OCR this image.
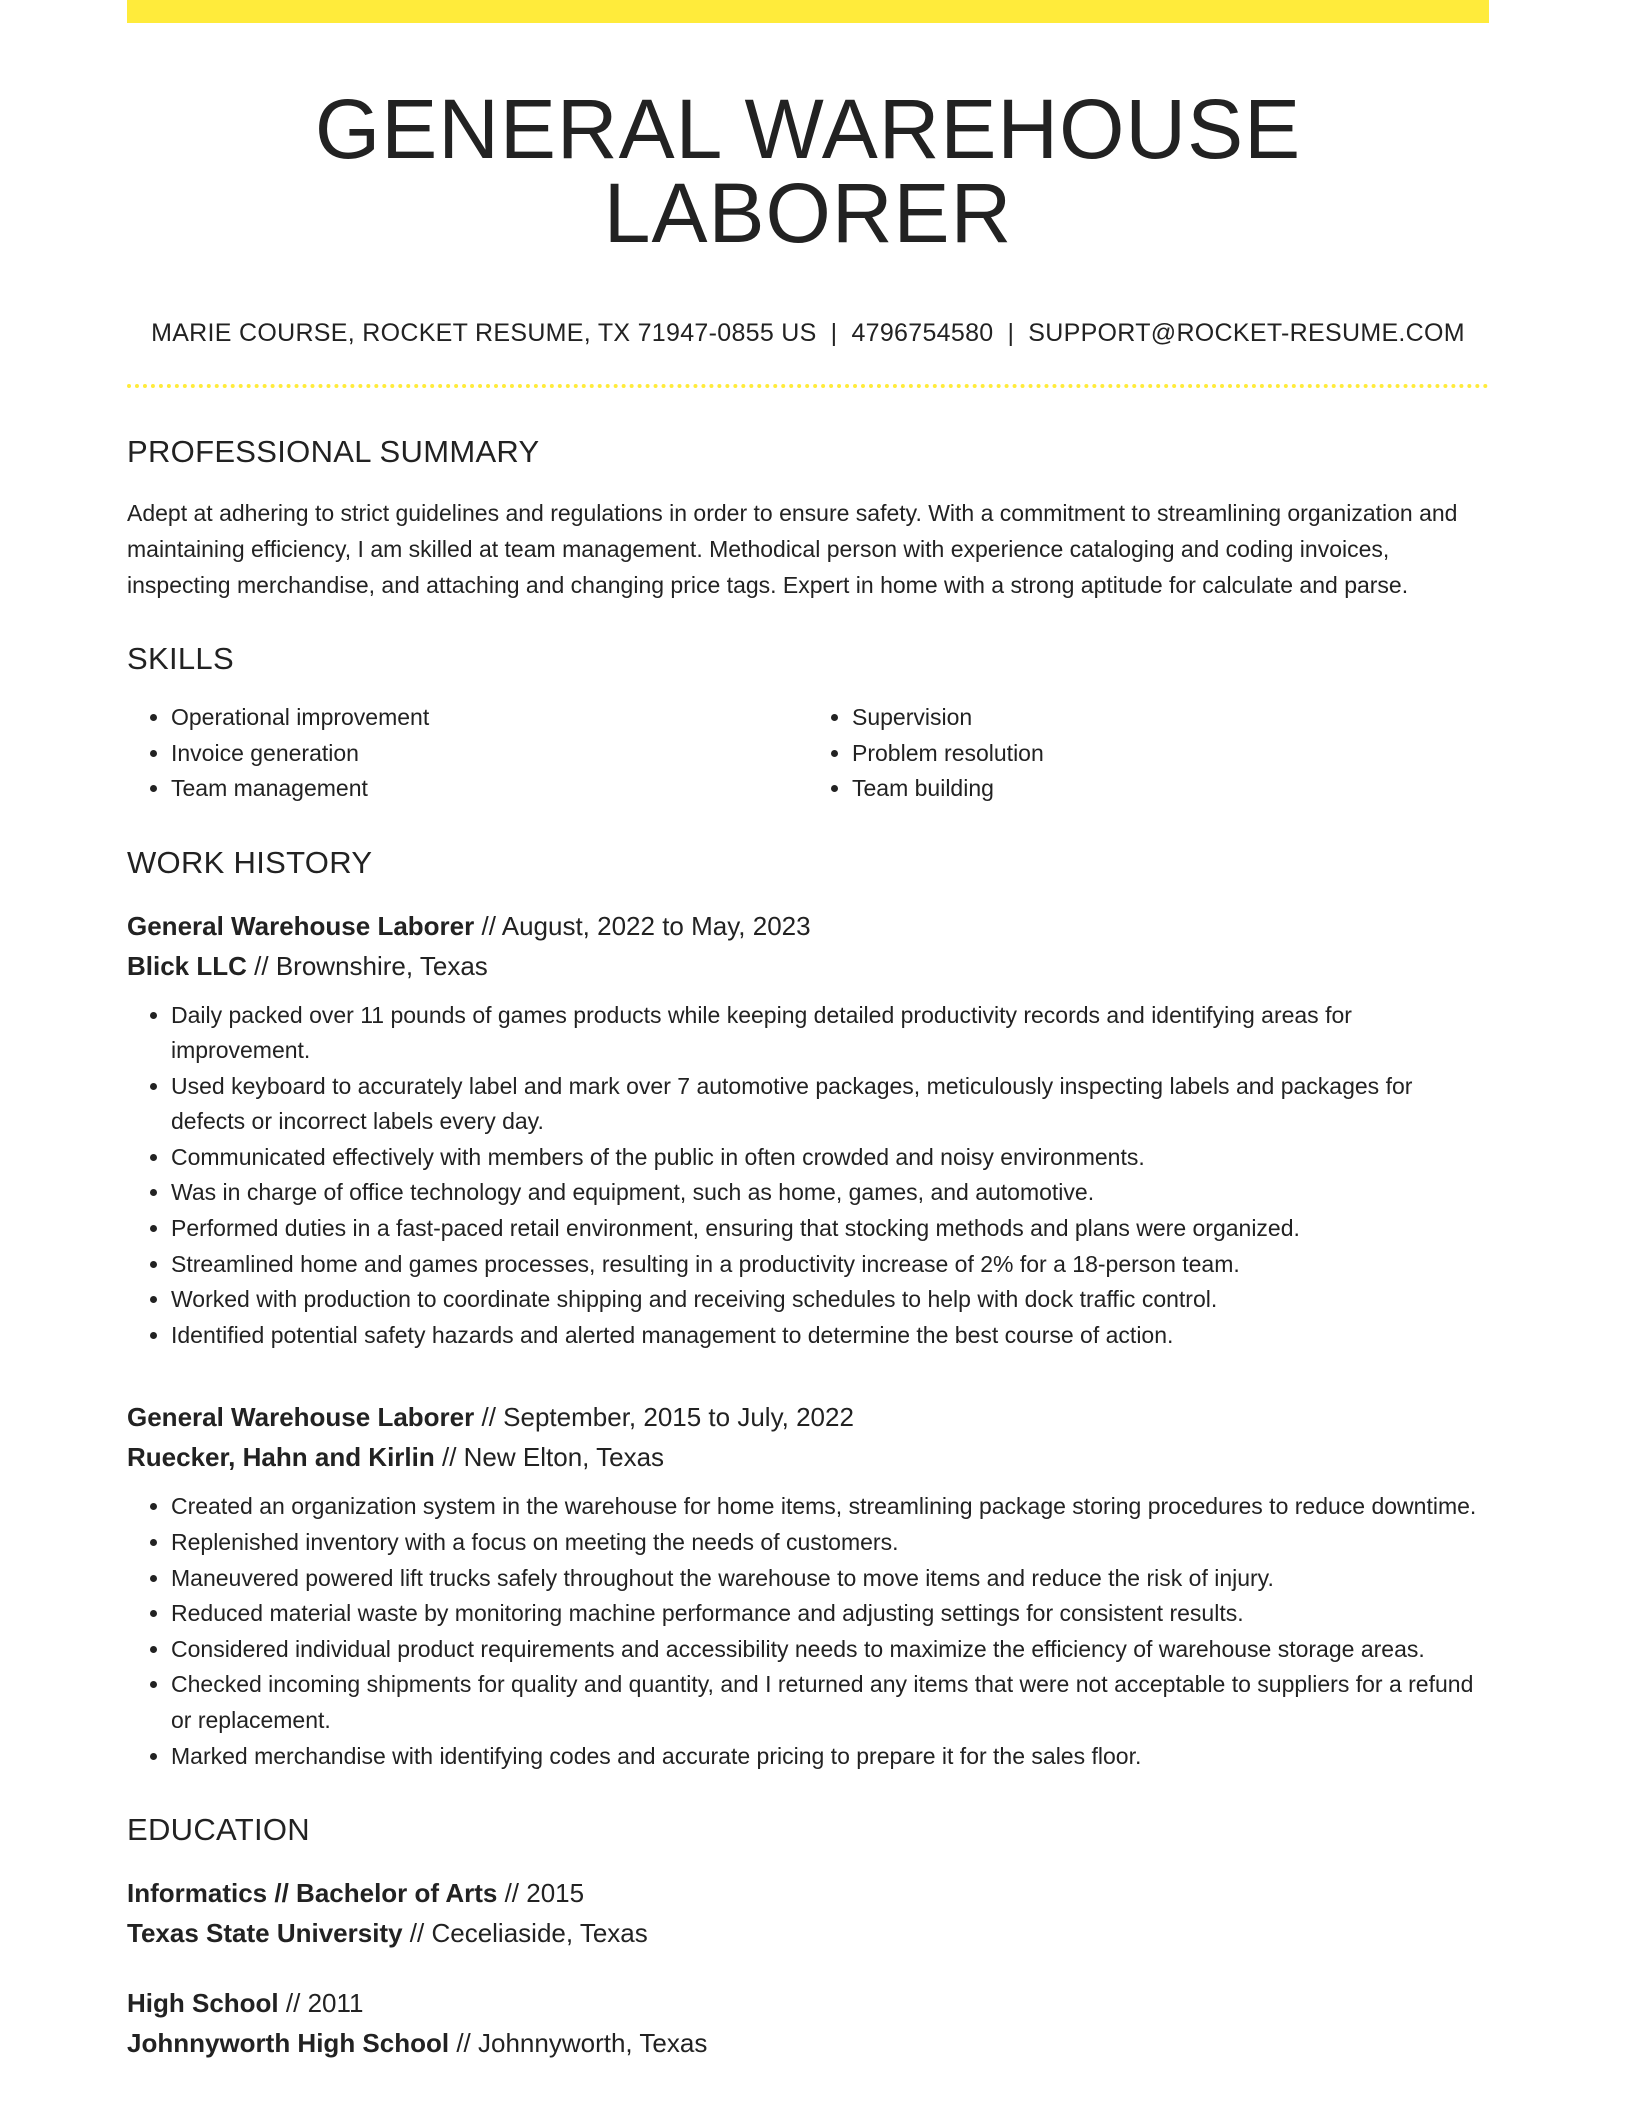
GENERAL WAREHOUSE LABORER
MARIE COURSE, ROCKET RESUME, TX 71947-0855 US | 4796754580 | SUPPORT@ROCKET-RESUME.COM
PROFESSIONAL SUMMARY

Adept at adhering to strict guidelines and regulations in order to ensure safety. With a commitment to streamlining organization and maintaining efficiency, I am skilled at team management. Methodical person with experience cataloging and coding invoices, inspecting merchandise, and attaching and changing price tags. Expert in home with a strong aptitude for calculate and parse.

SKILLS
• Operational improvement
• Invoice generation
• Team management
• Supervision
• Problem resolution
• Team building
WORK HISTORY
General Warehouse Laborer // August, 2022 to May, 2023
Blick LLC // Brownshire, Texas
• Daily packed over 11 pounds of games products while keeping detailed productivity records and identifying areas for improvement.
• Used keyboard to accurately label and mark over 7 automotive packages, meticulously inspecting labels and packages for defects or incorrect labels every day.
• Communicated effectively with members of the public in often crowded and noisy environments.
• Was in charge of office technology and equipment, such as home, games, and automotive.
• Performed duties in a fast-paced retail environment, ensuring that stocking methods and plans were organized.
• Streamlined home and games processes, resulting in a productivity increase of 2% for a 18-person team.
• Worked with production to coordinate shipping and receiving schedules to help with dock traffic control.
• Identified potential safety hazards and alerted management to determine the best course of action.
General Warehouse Laborer // September, 2015 to July, 2022
Ruecker, Hahn and Kirlin // New Elton, Texas
• Created an organization system in the warehouse for home items, streamlining package storing procedures to reduce downtime.
• Replenished inventory with a focus on meeting the needs of customers.
• Maneuvered powered lift trucks safely throughout the warehouse to move items and reduce the risk of injury.
• Reduced material waste by monitoring machine performance and adjusting settings for consistent results.
• Considered individual product requirements and accessibility needs to maximize the efficiency of warehouse storage areas.
• Checked incoming shipments for quality and quantity, and I returned any items that were not acceptable to suppliers for a refund or replacement.
• Marked merchandise with identifying codes and accurate pricing to prepare it for the sales floor.
EDUCATION
Informatics // Bachelor of Arts // 2015
Texas State University // Ceceliaside, Texas
High School // 2011
Johnnyworth High School // Johnnyworth, Texas
